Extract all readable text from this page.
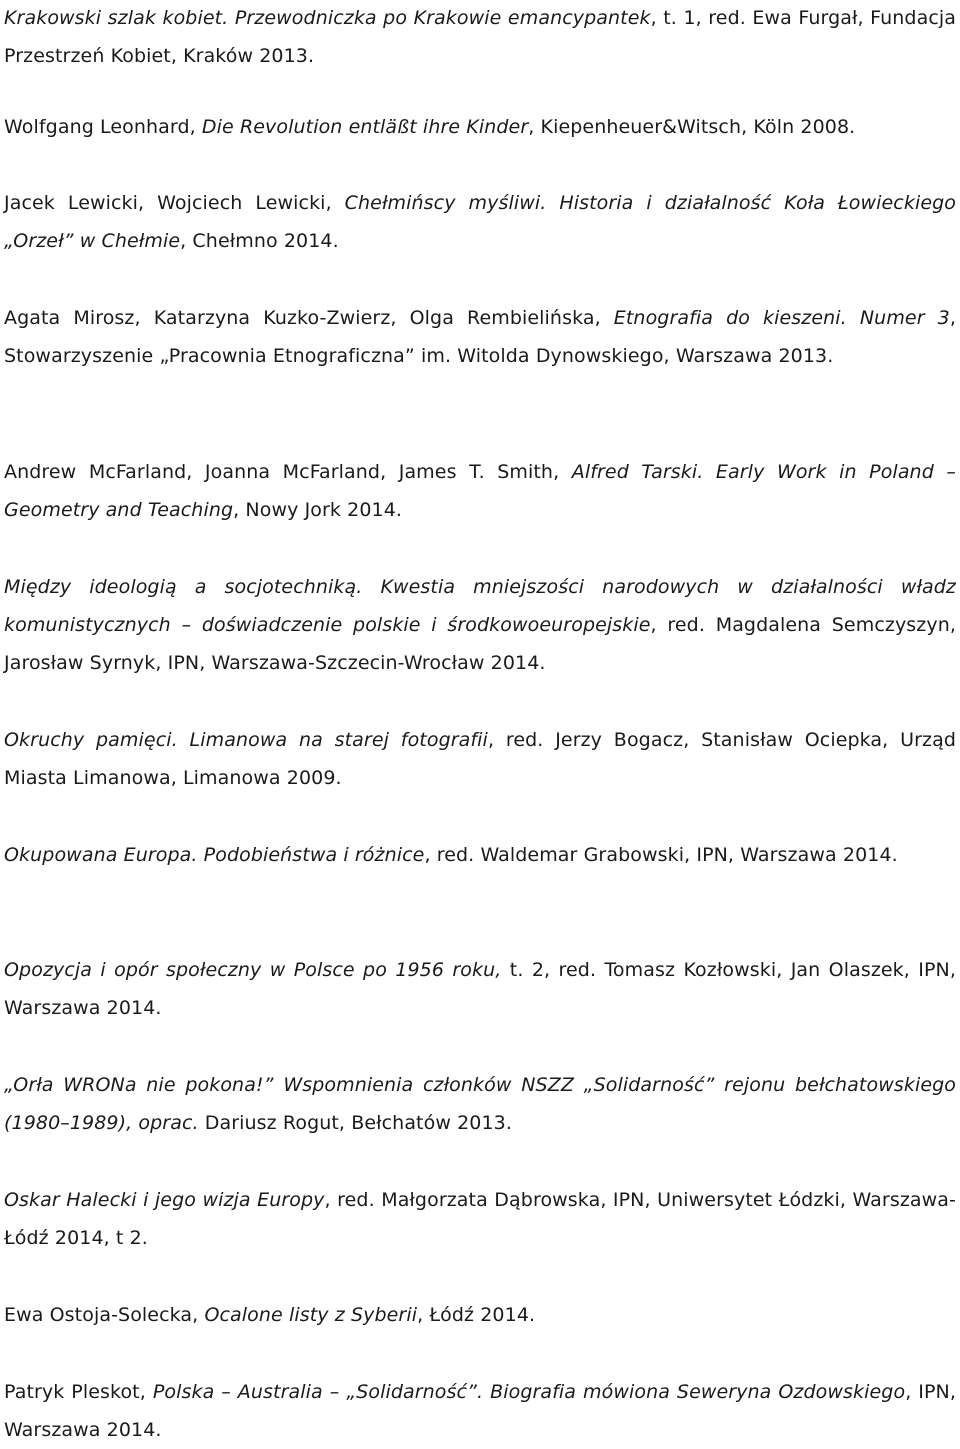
Krakowski szlak kobiet. Przewodniczka po Krakowie emancypantek, t. 1, red. Ewa Furgał, Fundacja Przestrzeń Kobiet, Kraków 2013.

Wolfgang Leonhard, Die Revolution entläßt ihre Kinder, Kiepenheuer&Witsch, Köln 2008.

Jacek Lewicki, Wojciech Lewicki, Chełmińscy myśliwi. Historia i działalność Koła Łowieckiego „Orzeł” w Chełmie, Chełmno 2014.

Agata Mirosz, Katarzyna Kuzko-Zwierz, Olga Rembielińska, Etnografia do kieszeni. Numer 3, Stowarzyszenie „Pracownia Etnograficzna” im. Witolda Dynowskiego, Warszawa 2013.

Andrew McFarland, Joanna McFarland, James T. Smith, Alfred Tarski. Early Work in Poland – Geometry and Teaching, Nowy Jork 2014.

Między ideologią a socjotechniką. Kwestia mniejszości narodowych w działalności władz komunistycznych – doświadczenie polskie i środkowoeuropejskie, red. Magdalena Semczyszyn, Jarosław Syrnyk, IPN, Warszawa-Szczecin-Wrocław 2014.

Okruchy pamięci. Limanowa na starej fotografii, red. Jerzy Bogacz, Stanisław Ociepka, Urząd Miasta Limanowa, Limanowa 2009.

Okupowana Europa. Podobieństwa i różnice, red. Waldemar Grabowski, IPN, Warszawa 2014.

Opozycja i opór społeczny w Polsce po 1956 roku, t. 2, red. Tomasz Kozłowski, Jan Olaszek, IPN, Warszawa 2014.

„Orła WRONa nie pokona!” Wspomnienia członków NSZZ „Solidarność” rejonu bełchatowskiego (1980–1989), oprac. Dariusz Rogut, Bełchatów 2013.

Oskar Halecki i jego wizja Europy, red. Małgorzata Dąbrowska, IPN, Uniwersytet Łódzki, Warszawa-Łódź 2014, t 2.

Ewa Ostoja-Solecka, Ocalone listy z Syberii, Łódź 2014.

Patryk Pleskot, Polska – Australia – „Solidarność”. Biografia mówiona Seweryna Ozdowskiego, IPN, Warszawa 2014.
